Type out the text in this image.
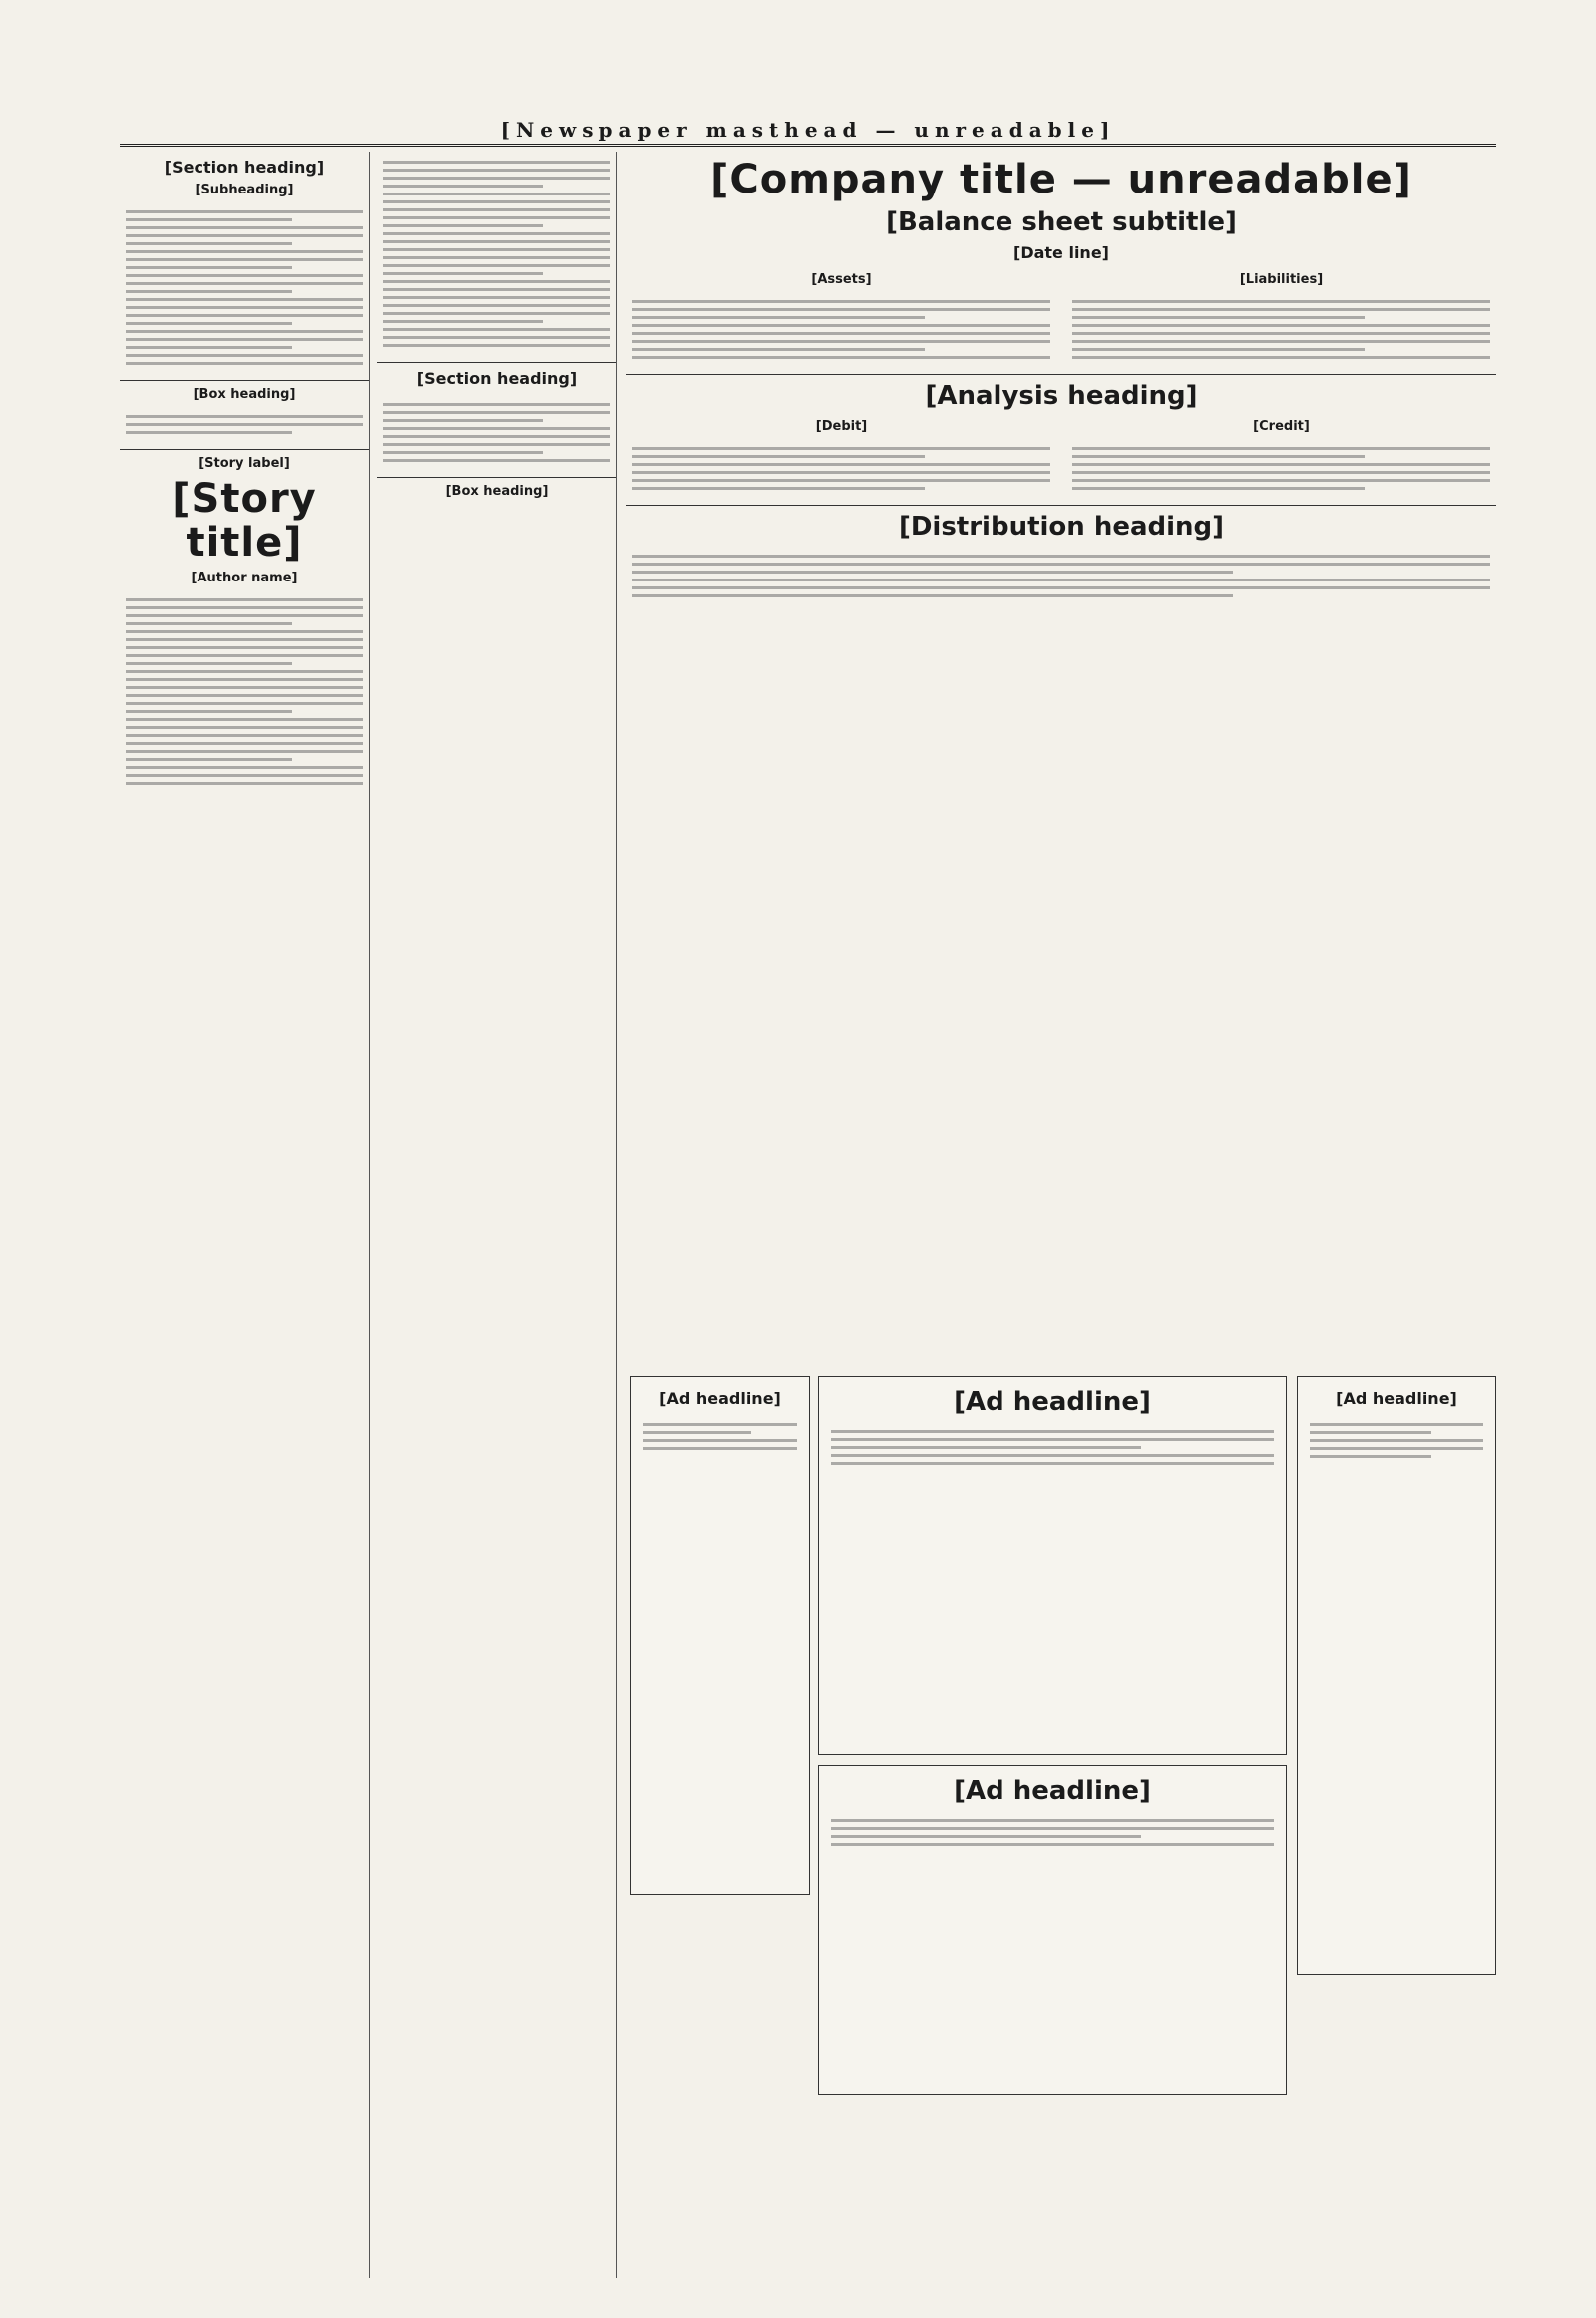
[Newspaper masthead — unreadable]
[Section heading]
[Subheading]
[Box heading]
[Story label]
[Story title]
[Author name]
[Section heading]
[Box heading]
[Company title — unreadable]
[Balance sheet subtitle]
[Date line]
[Assets]	[Liabilities]
[Analysis heading]
[Debit]	[Credit]
[Distribution heading]
[Ad headline]	[Ad headline]
[Ad headline]
[Ad headline]
